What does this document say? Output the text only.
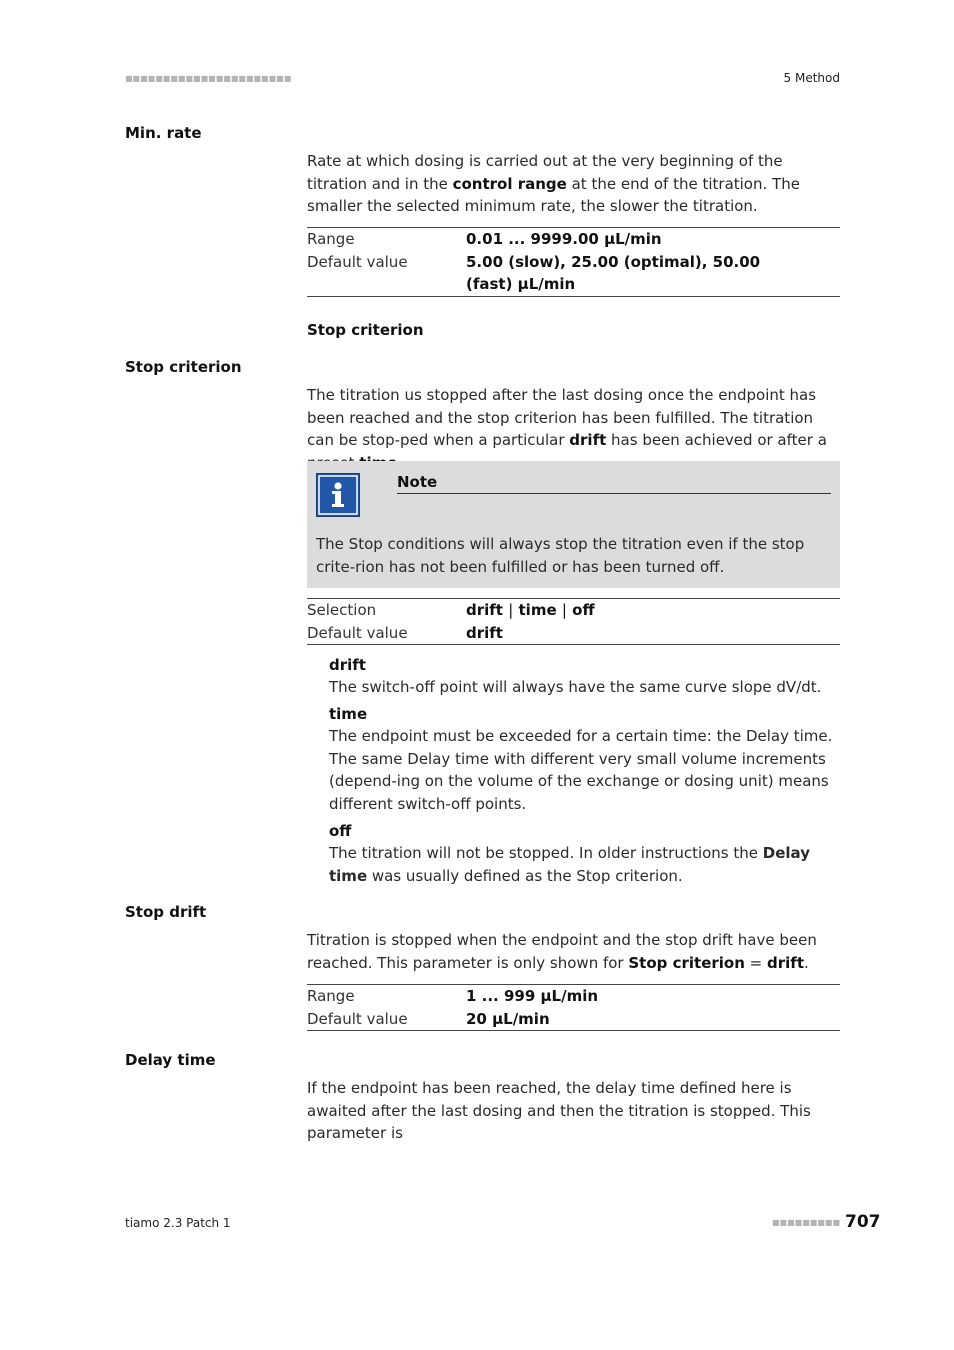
■■■■■■■■■■■■■■■■■■■■■■	5 Method
Min. rate

Rate at which dosing is carried out at the very beginning of the titration and in the control range at the end of the titration. The smaller the selected minimum rate, the slower the titration.

Range	0.01 ... 9999.00 µL/min
Default value	5.00 (slow), 25.00 (optimal), 50.00
(fast) µL/min
Stop criterion
Stop criterion

The titration us stopped after the last dosing once the endpoint has been reached and the stop criterion has been fulfilled. The titration can be stop-ped when a particular drift has been achieved or after a

Note

The Stop conditions will always stop the titration even if the stop crite-rion has not been fulfilled or has been turned off.

Selection	drift | time | off
Default value	drift
drift

The switch-off point will always have the same curve slope dV/dt.

time

The endpoint must be exceeded for a certain time: the Delay time. The same Delay time with different very small volume increments (depend-ing on the volume of the exchange or dosing unit) means different switch-off points.

off

The titration will not be stopped. In older instructions the Delay time was usually defined as the Stop criterion.

Stop drift

Titration is stopped when the endpoint and the stop drift have been reached. This parameter is only shown for Stop criterion = drift.

Range	1 ... 999 µL/min
Default value	20 µL/min
Delay time

If the endpoint has been reached, the delay time defined here is awaited after the last dosing and then the titration is stopped. This parameter is

tiamo 2.3 Patch 1	■■■■■■■■■ 707
